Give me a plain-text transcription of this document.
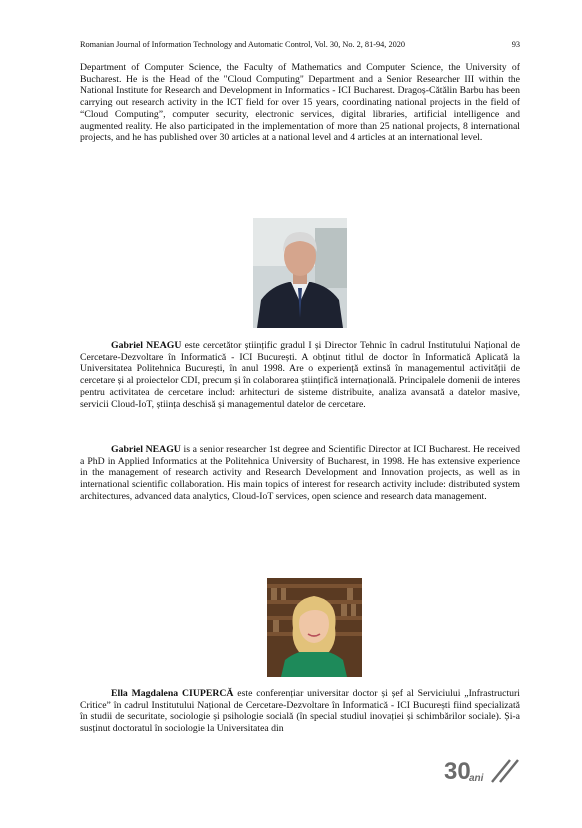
Romanian Journal of Information Technology and Automatic Control, Vol. 30, No. 2, 81-94, 2020	93

Department of Computer Science, the Faculty of Mathematics and Computer Science, the University of Bucharest. He is the Head of the "Cloud Computing" Department and a Senior Researcher III within the National Institute for Research and Development in Informatics - ICI Bucharest. Dragoș-Cătălin Barbu has been carrying out research activity in the ICT field for over 15 years, coordinating national projects in the field of “Cloud Computing”, computer security, electronic services, digital libraries, artificial intelligence and augmented reality. He also participated in the implementation of more than 25 national projects, 8 international projects, and he has published over 30 articles at a national level and 4 articles at an international level.

Gabriel NEAGU este cercetător științific gradul I și Director Tehnic în cadrul Institutului Național de Cercetare-Dezvoltare în Informatică - ICI București. A obținut titlul de doctor în Informatică Aplicată la Universitatea Politehnica București, în anul 1998. Are o experiență extinsă în managementul activității de cercetare și al proiectelor CDI, precum și în colaborarea științifică internațională. Principalele domenii de interes pentru activitatea de cercetare includ: arhitecturi de sisteme distribuite, analiza avansată a datelor masive, servicii Cloud-IoT, știința deschisă și managementul datelor de cercetare.

Gabriel NEAGU is a senior researcher 1st degree and Scientific Director at ICI Bucharest. He received a PhD in Applied Informatics at the Politehnica University of Bucharest, in 1998. He has extensive experience in the management of research activity and Research Development and Innovation projects, as well as in international scientific collaboration. His main topics of interest for research activity include: distributed system architectures, advanced data analytics, Cloud-IoT services, open science and research data management.

Ella Magdalena CIUPERCĂ este conferențiar universitar doctor și șef al Serviciului „Infrastructuri Critice” în cadrul Institutului Național de Cercetare-Dezvoltare în Informatică - ICI București fiind specializată în studii de securitate, sociologie și psihologie socială (în special studiul inovației și schimbărilor sociale). Și-a susținut doctoratul în sociologie la Universitatea din

30
ani
